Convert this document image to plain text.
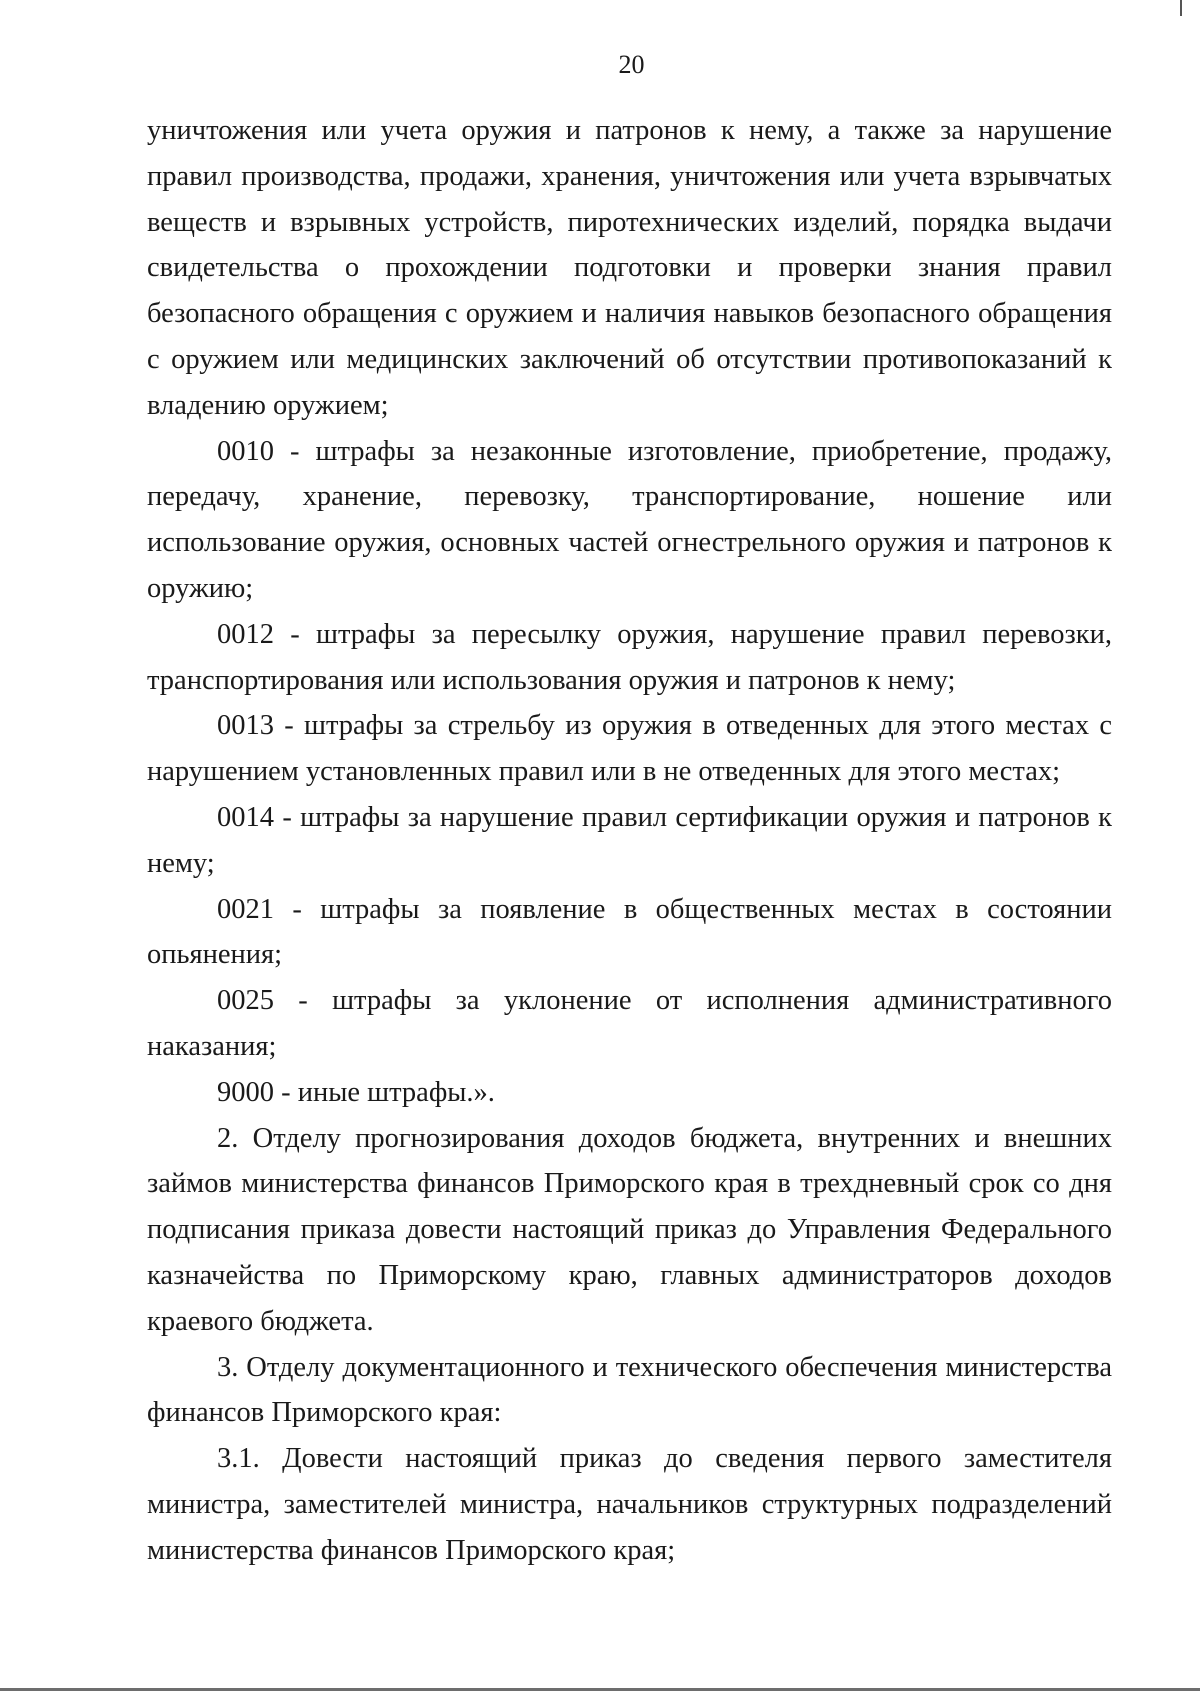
20

уничтожения или учета оружия и патронов к нему, а также за нарушение правил производства, продажи, хранения, уничтожения или учета взрывчатых веществ и взрывных устройств, пиротехнических изделий, порядка выдачи свидетельства о прохождении подготовки и проверки знания правил безопасного обращения с оружием и наличия навыков безопасного обращения с оружием или медицинских заключений об отсутствии противопоказаний к владению оружием;

0010 - штрафы за незаконные изготовление, приобретение, продажу, передачу, хранение, перевозку, транспортирование, ношение или использование оружия, основных частей огнестрельного оружия и патронов к оружию;

0012 - штрафы за пересылку оружия, нарушение правил перевозки, транспортирования или использования оружия и патронов к нему;

0013 - штрафы за стрельбу из оружия в отведенных для этого местах с нарушением установленных правил или в не отведенных для этого местах;

0014 - штрафы за нарушение правил сертификации оружия и патронов к нему;

0021 - штрафы за появление в общественных местах в состоянии опьянения;

0025 - штрафы за уклонение от исполнения административного наказания;

9000 - иные штрафы.».

2. Отделу прогнозирования доходов бюджета, внутренних и внешних займов министерства финансов Приморского края в трехдневный срок со дня подписания приказа довести настоящий приказ до Управления Федерального казначейства по Приморскому краю, главных администраторов доходов краевого бюджета.

3. Отделу документационного и технического обеспечения министерства финансов Приморского края:

3.1. Довести настоящий приказ до сведения первого заместителя министра, заместителей министра, начальников структурных подразделений министерства финансов Приморского края;
